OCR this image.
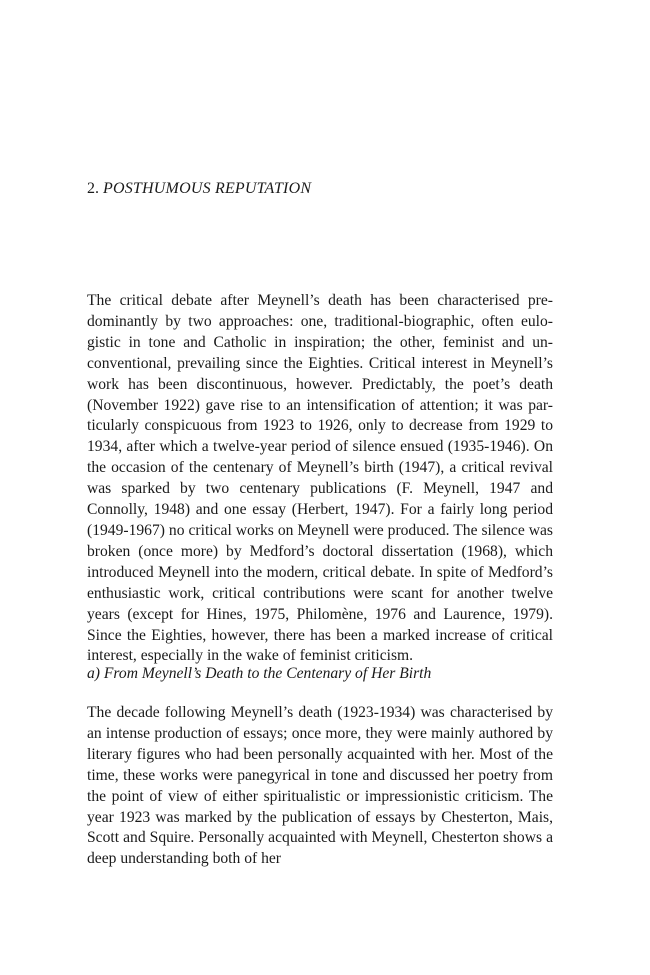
2. POSTHUMOUS REPUTATION

The critical debate after Meynell’s death has been characterised pre-dominantly by two approaches: one, traditional-biographic, often eulo-gistic in tone and Catholic in inspiration; the other, feminist and un-conventional, prevailing since the Eighties. Critical interest in Meynell’s work has been discontinuous, however. Predictably, the poet’s death (November 1922) gave rise to an intensification of attention; it was par-ticularly conspicuous from 1923 to 1926, only to decrease from 1929 to 1934, after which a twelve-year period of silence ensued (1935-1946). On the occasion of the centenary of Meynell’s birth (1947), a critical revival was sparked by two centenary publications (F. Meynell, 1947 and Connolly, 1948) and one essay (Herbert, 1947). For a fairly long period (1949-1967) no critical works on Meynell were produced. The silence was broken (once more) by Medford’s doctoral dissertation (1968), which introduced Meynell into the modern, critical debate. In spite of Medford’s enthusiastic work, critical contributions were scant for another twelve years (except for Hines, 1975, Philomène, 1976 and Laurence, 1979). Since the Eighties, however, there has been a marked increase of critical interest, especially in the wake of feminist criticism.

a) From Meynell’s Death to the Centenary of Her Birth

The decade following Meynell’s death (1923-1934) was characterised by an intense production of essays; once more, they were mainly authored by literary figures who had been personally acquainted with her. Most of the time, these works were panegyrical in tone and discussed her poetry from the point of view of either spiritualistic or impressionistic criticism. The year 1923 was marked by the publication of essays by Chesterton, Mais, Scott and Squire. Personally acquainted with Meynell, Chesterton shows a deep understanding both of her
